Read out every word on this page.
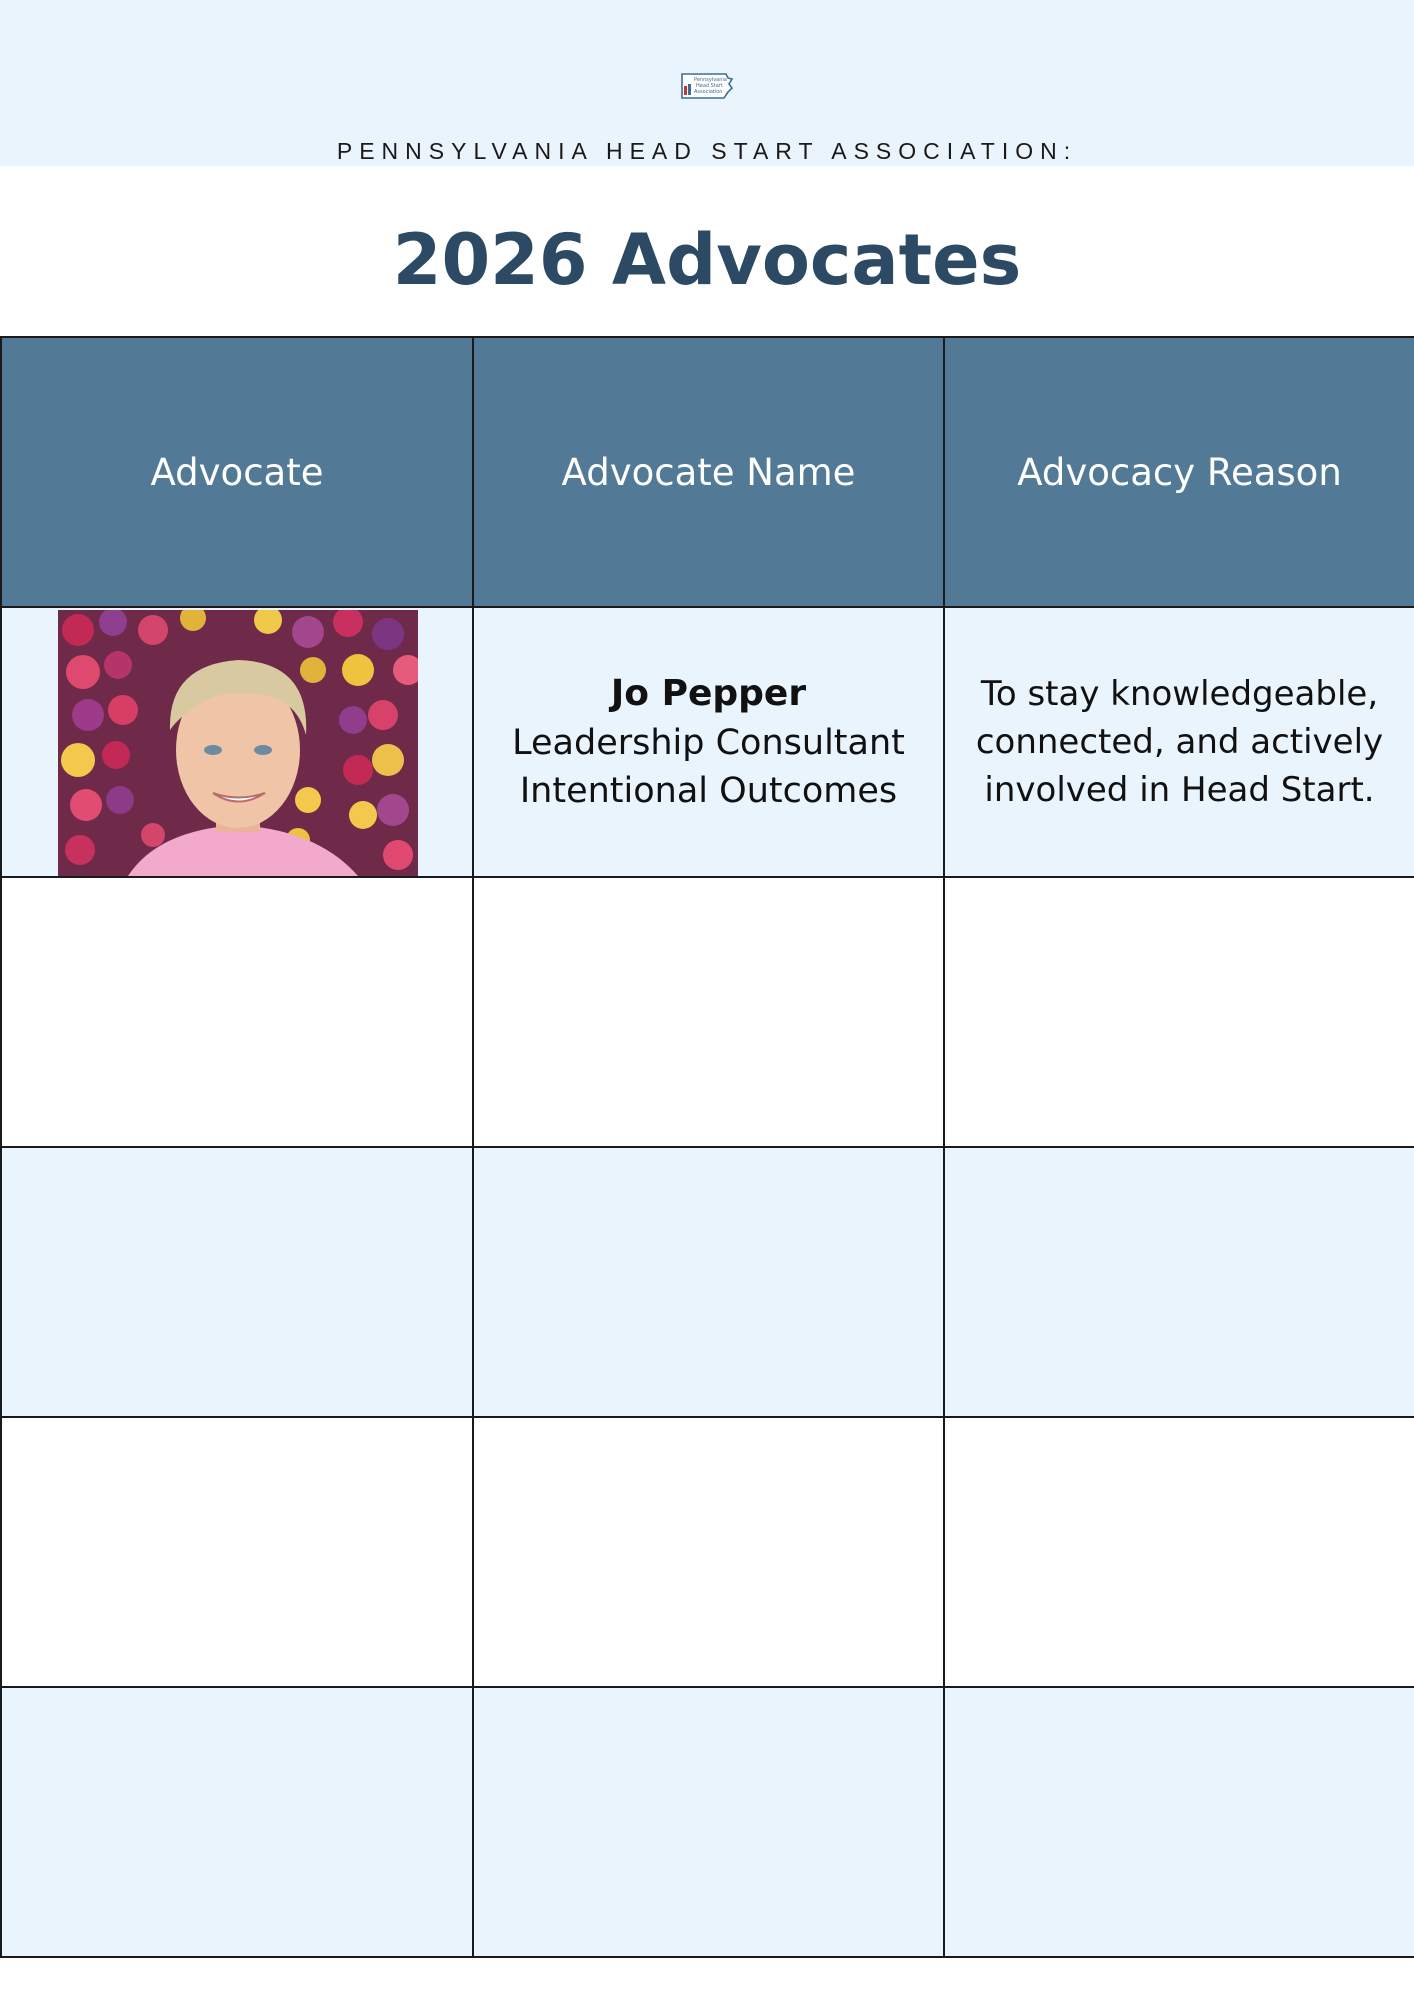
Pennsylvania
Head Start
Association
PENNSYLVANIA HEAD START ASSOCIATION:
2026 Advocates
Advocate	Advocate Name	Advocacy Reason

Jo Pepper
Leadership Consultant
Intentional Outcomes	To stay knowledgeable, connected, and actively involved in Head Start.
